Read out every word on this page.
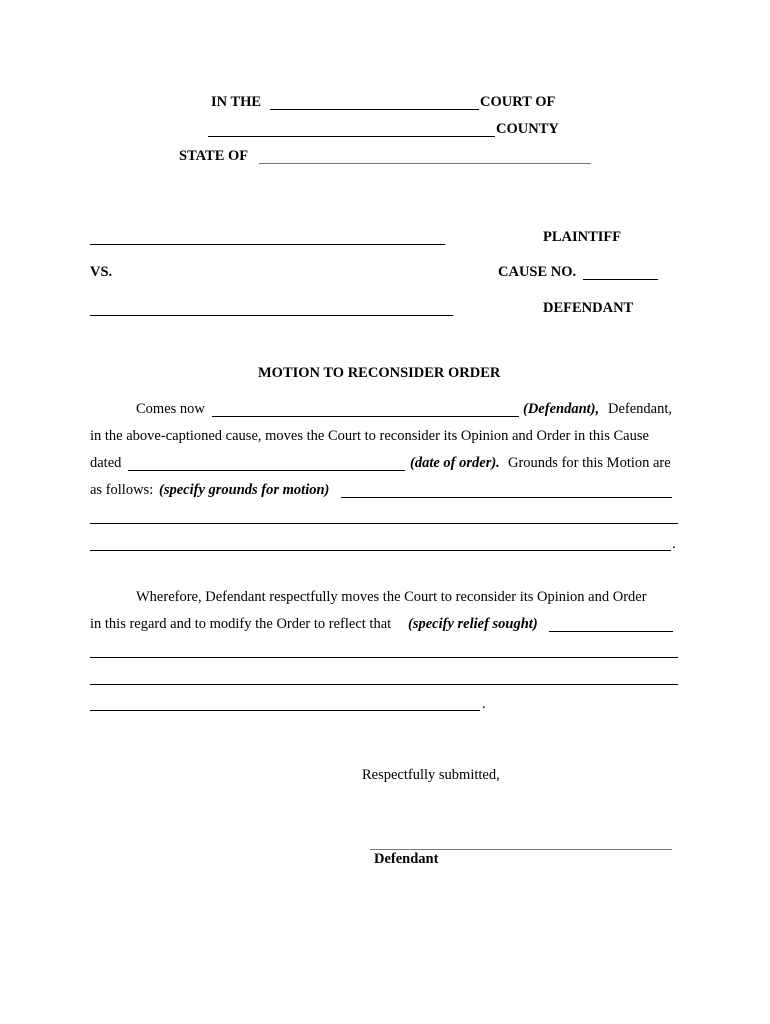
IN THE	COURT OF
COUNTY
STATE OF
PLAINTIFF
VS.	CAUSE NO.
DEFENDANT
MOTION TO RECONSIDER ORDER
Comes now	(Defendant), Defendant,
in the above-captioned cause, moves the Court to reconsider its Opinion and Order in this Cause
dated	(date of order). Grounds for this Motion are
as follows: (specify grounds for motion)
.
Wherefore, Defendant respectfully moves the Court to reconsider its Opinion and Order
in this regard and to modify the Order to reflect that (specify relief sought)
.
Respectfully submitted,
Defendant
